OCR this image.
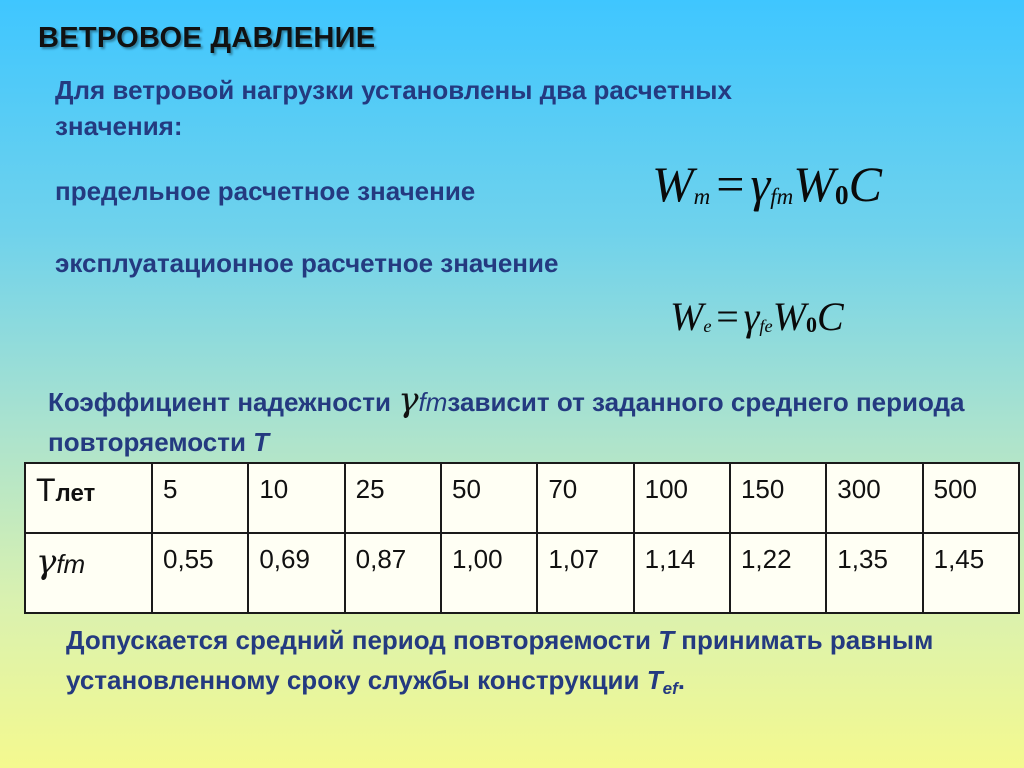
ВЕТРОВОЕ ДАВЛЕНИЕ
Для ветровой нагрузки установлены два расчетных значения:
предельное расчетное значение	Wm = γfmW0C
эксплуатационное расчетное значение
We = γfeW0C
Коэффициент надежности γfmзависит от заданного среднего периода повторяемости T
Tлет	5	10	25	50	70	100	150	300	500
γfm	0,55	0,69	0,87	1,00	1,07	1,14	1,22	1,35	1,45
Допускается средний период повторяемости T принимать равным установленному сроку службы конструкции Tef.
